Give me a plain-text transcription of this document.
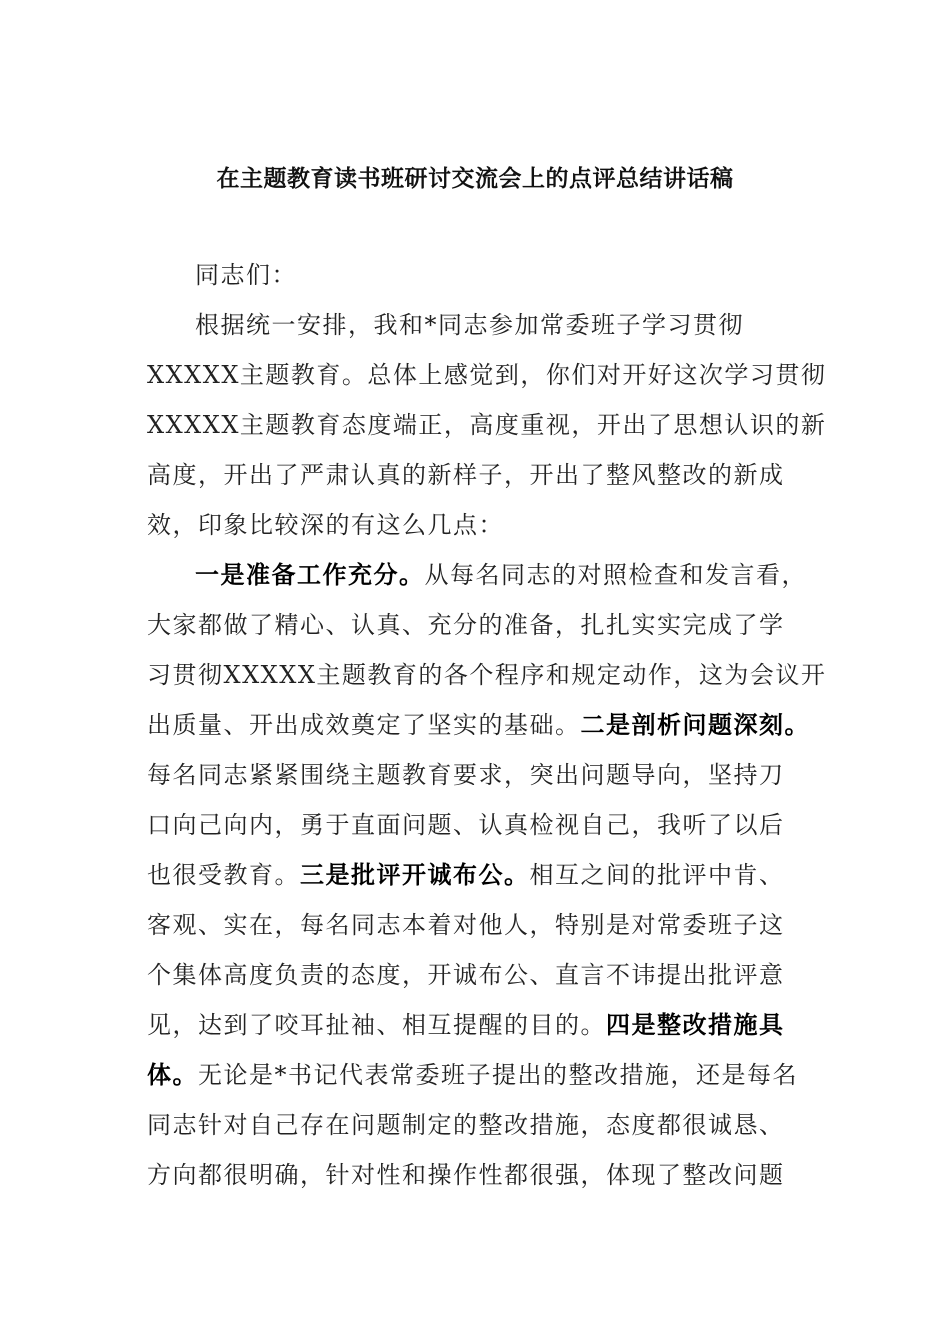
在主题教育读书班研讨交流会上的点评总结讲话稿
同志们：
根据统一安排，我和*同志参加常委班子学习贯彻
XXXXX主题教育。总体上感觉到，你们对开好这次学习贯彻
XXXXX主题教育态度端正，高度重视，开出了思想认识的新
高度，开出了严肃认真的新样子，开出了整风整改的新成
效，印象比较深的有这么几点：
一是准备工作充分。从每名同志的对照检查和发言看，
大家都做了精心、认真、充分的准备，扎扎实实完成了学
习贯彻XXXXX主题教育的各个程序和规定动作，这为会议开
出质量、开出成效奠定了坚实的基础。二是剖析问题深刻。
每名同志紧紧围绕主题教育要求，突出问题导向，坚持刀
口向己向内，勇于直面问题、认真检视自己，我听了以后
也很受教育。三是批评开诚布公。相互之间的批评中肯、
客观、实在，每名同志本着对他人，特别是对常委班子这
个集体高度负责的态度，开诚布公、直言不讳提出批评意
见，达到了咬耳扯袖、相互提醒的目的。四是整改措施具
体。无论是*书记代表常委班子提出的整改措施，还是每名
同志针对自己存在问题制定的整改措施，态度都很诚恳、
方向都很明确，针对性和操作性都很强，体现了整改问题
